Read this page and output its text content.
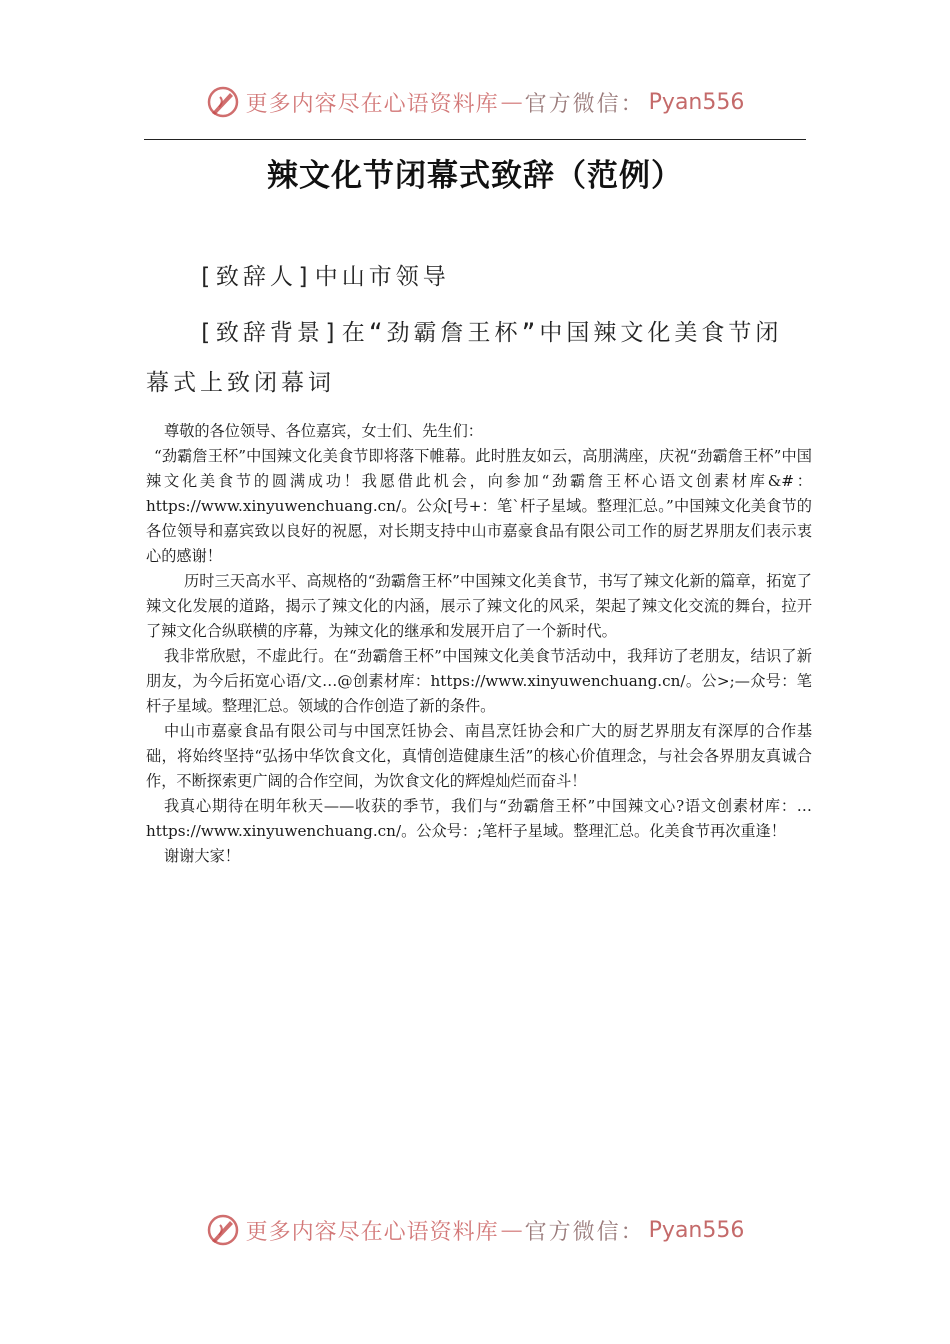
更多内容尽在心语资料库 — 官方微信： Pyan556
辣文化节闭幕式致辞（范例）
[致辞人]中山市领导
[致辞背景]在“劲霸詹王杯”中国辣文化美食节闭幕式上致闭幕词

尊敬的各位领导、各位嘉宾，女士们、先生们：

“劲霸詹王杯”中国辣文化美食节即将落下帷幕。此时胜友如云，高朋满座，庆祝“劲霸詹王杯”中国辣文化美食节的圆满成功！我愿借此机会，向参加“劲霸詹王杯心语文创素材库&#：https://www.xinyuwenchuang.cn/。公众[号+：笔`杆子星域。整理汇总。”中国辣文化美食节的各位领导和嘉宾致以良好的祝愿，对长期支持中山市嘉豪食品有限公司工作的厨艺界朋友们表示衷心的感谢！

历时三天高水平、高规格的“劲霸詹王杯”中国辣文化美食节，书写了辣文化新的篇章，拓宽了辣文化发展的道路，揭示了辣文化的内涵，展示了辣文化的风采，架起了辣文化交流的舞台，拉开了辣文化合纵联横的序幕，为辣文化的继承和发展开启了一个新时代。

我非常欣慰，不虚此行。在“劲霸詹王杯”中国辣文化美食节活动中，我拜访了老朋友，结识了新朋友，为今后拓宽心语/文…@创素材库：https://www.xinyuwenchuang.cn/。公>;—众号：笔杆子星域。整理汇总。领域的合作创造了新的条件。

中山市嘉豪食品有限公司与中国烹饪协会、南昌烹饪协会和广大的厨艺界朋友有深厚的合作基础，将始终坚持“弘扬中华饮食文化，真情创造健康生活”的核心价值理念，与社会各界朋友真诚合作，不断探索更广阔的合作空间，为饮食文化的辉煌灿烂而奋斗！

我真心期待在明年秋天——收获的季节，我们与“劲霸詹王杯”中国辣文心?语文创素材库：…https://www.xinyuwenchuang.cn/。公众号：;笔杆子星域。整理汇总。化美食节再次重逢！

谢谢大家！

更多内容尽在心语资料库 — 官方微信： Pyan556
